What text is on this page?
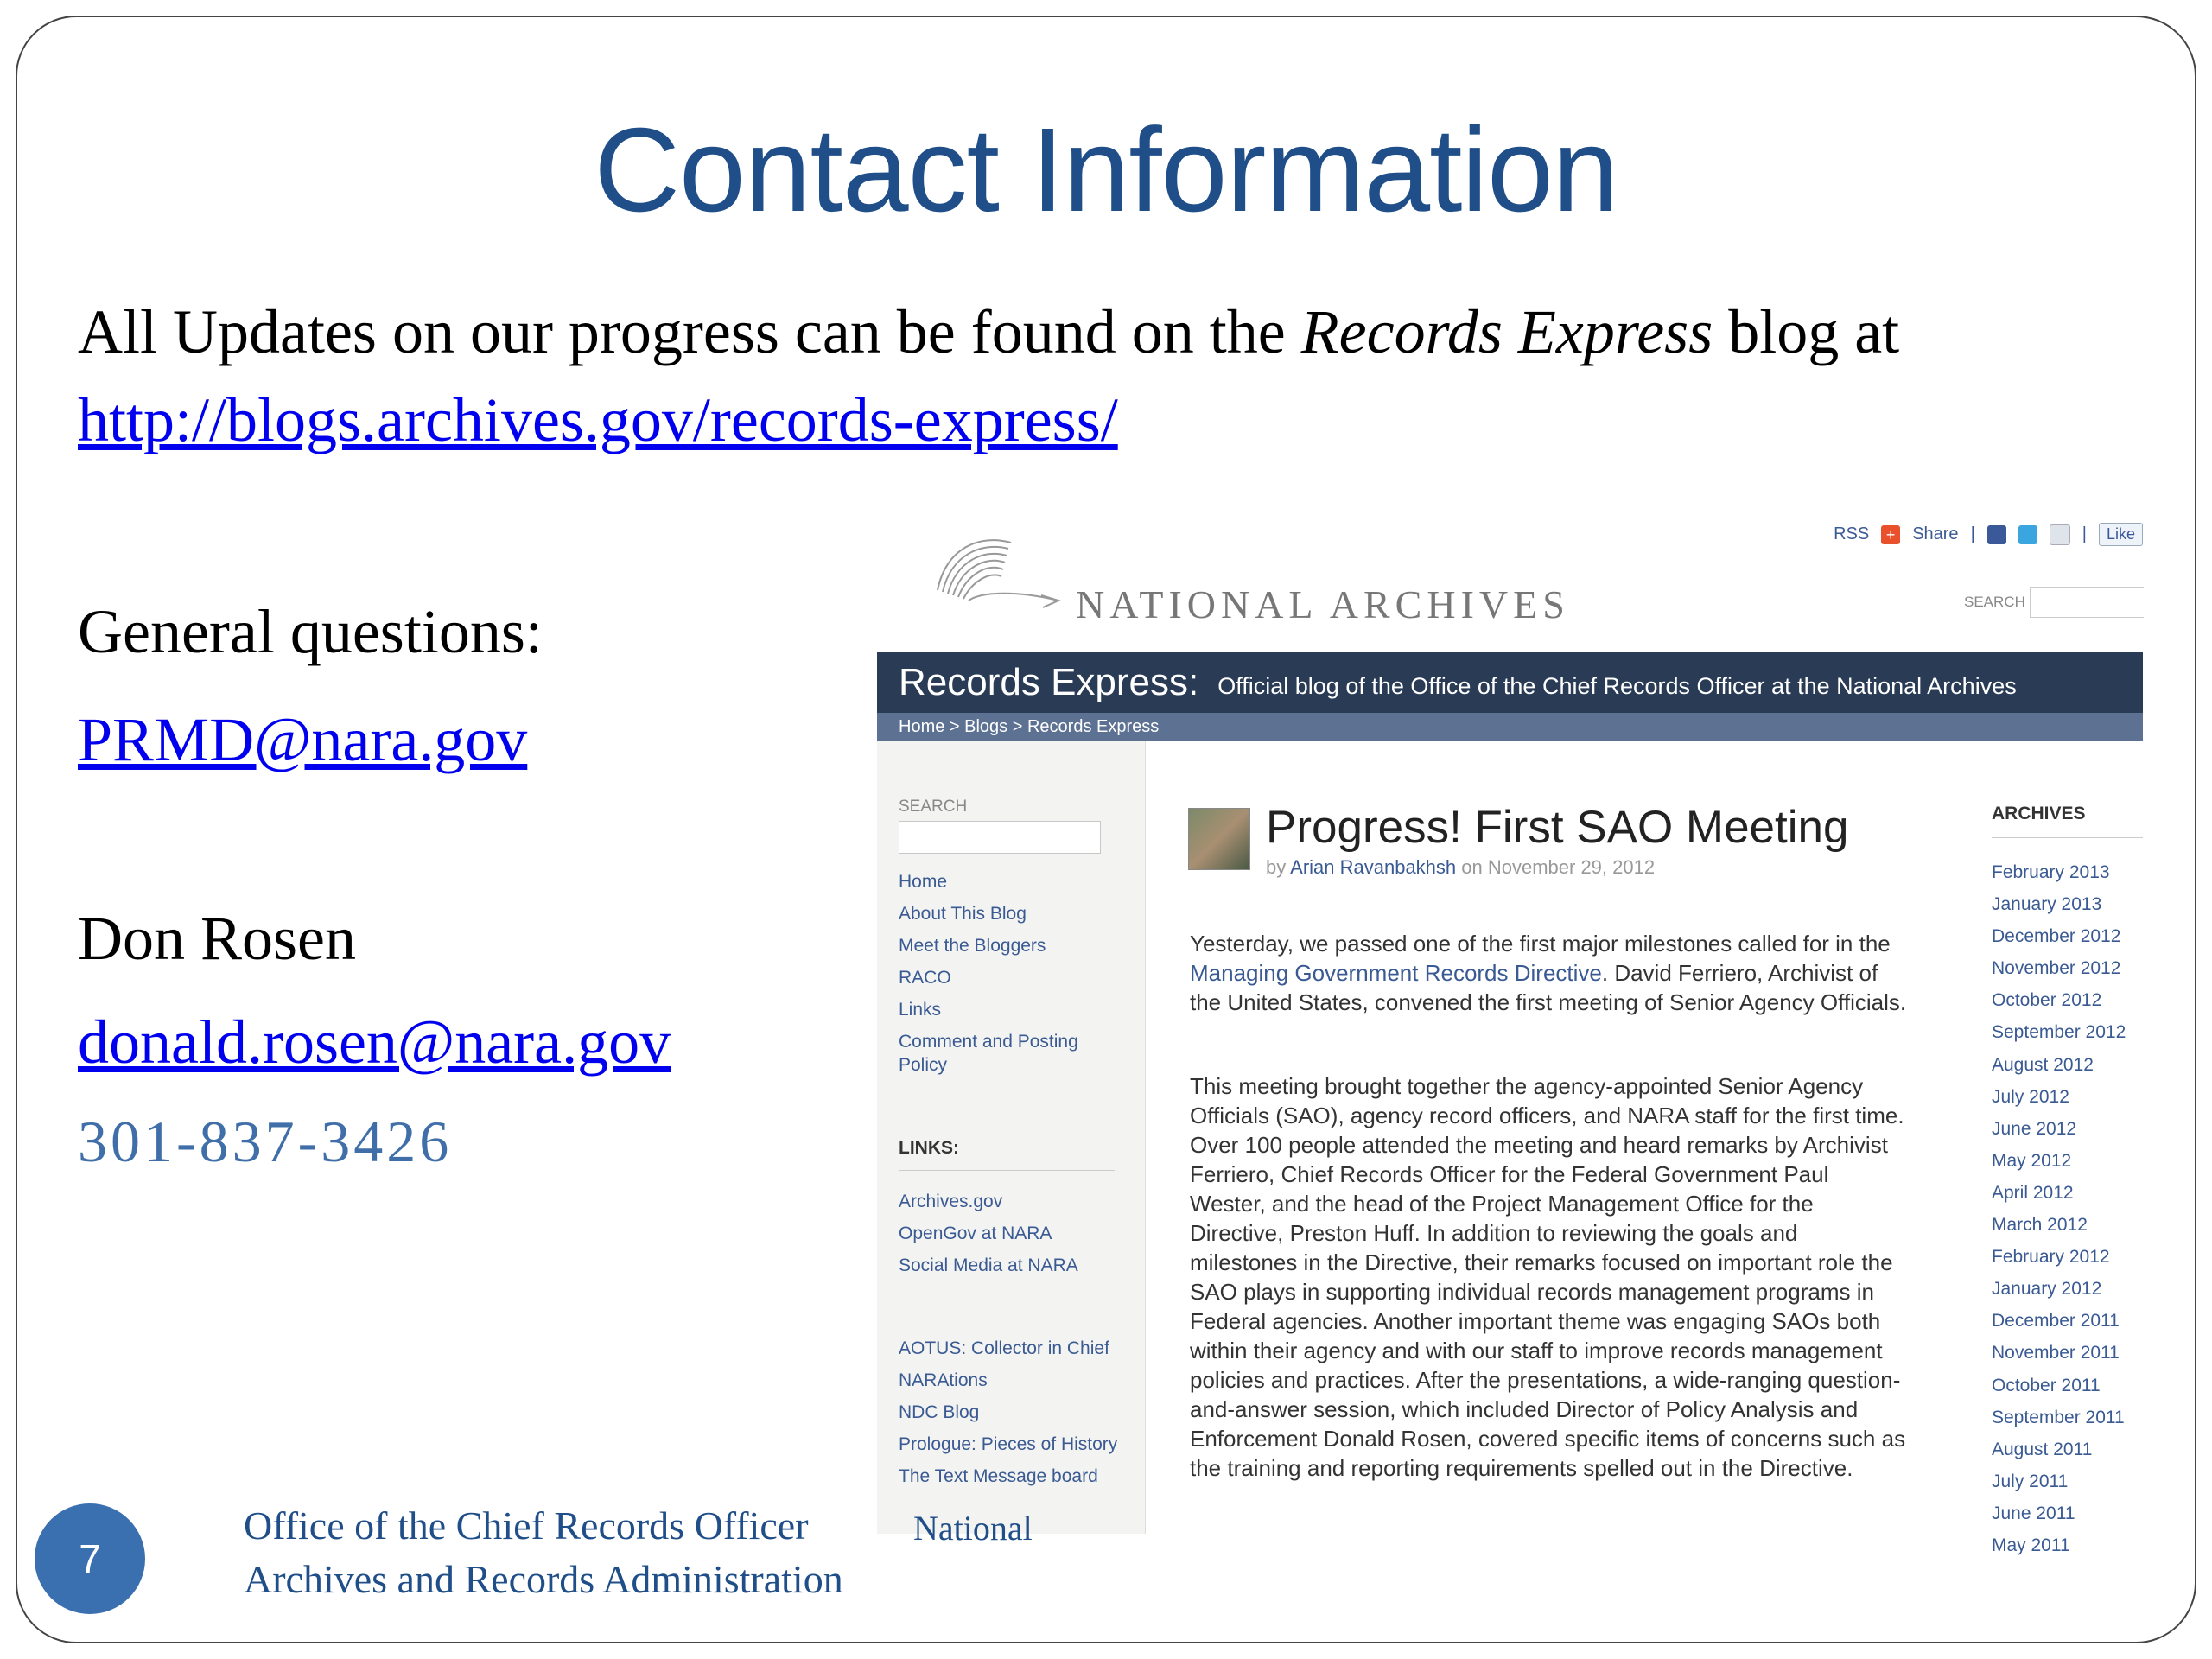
Contact Information
All Updates on our progress can be found on the Records Express blog at
http://blogs.archives.gov/records-express/
General questions:
PRMD@nara.gov
Don Rosen
donald.rosen@nara.gov
301-837-3426
RSS	+ Share |	|	Like
NATIONAL ARCHIVES	SEARCH
Records Express: Official blog of the Office of the Chief Records Officer at the National Archives
Home > Blogs > Records Express
SEARCH
Home
About This Blog
Meet the Bloggers
RACO
Links
Comment and Posting Policy
LINKS:
Archives.gov
OpenGov at NARA
Social Media at NARA
AOTUS: Collector in Chief
NARAtions
NDC Blog
Prologue: Pieces of History
The Text Message board
Progress! First SAO Meeting
by Arian Ravanbakhsh on November 29, 2012
Yesterday, we passed one of the first major milestones called for in the Managing Government Records Directive. David Ferriero, Archivist of the United States, convened the first meeting of Senior Agency Officials.
This meeting brought together the agency-appointed Senior Agency Officials (SAO), agency record officers, and NARA staff for the first time. Over 100 people attended the meeting and heard remarks by Archivist Ferriero, Chief Records Officer for the Federal Government Paul Wester, and the head of the Project Management Office for the Directive, Preston Huff. In addition to reviewing the goals and milestones in the Directive, their remarks focused on important role the SAO plays in supporting individual records management programs in Federal agencies. Another important theme was engaging SAOs both within their agency and with our staff to improve records management policies and practices. After the presentations, a wide-ranging question-and-answer session, which included Director of Policy Analysis and Enforcement Donald Rosen, covered specific items of concerns such as the training and reporting requirements spelled out in the Directive.
ARCHIVES
February 2013
January 2013
December 2012
November 2012
October 2012
September 2012
August 2012
July 2012
June 2012
May 2012
April 2012
March 2012
February 2012
January 2012
December 2011
November 2011
October 2011
September 2011
August 2011
July 2011
June 2011
May 2011
National
7
Office of the Chief Records Officer
Archives and Records Administration
